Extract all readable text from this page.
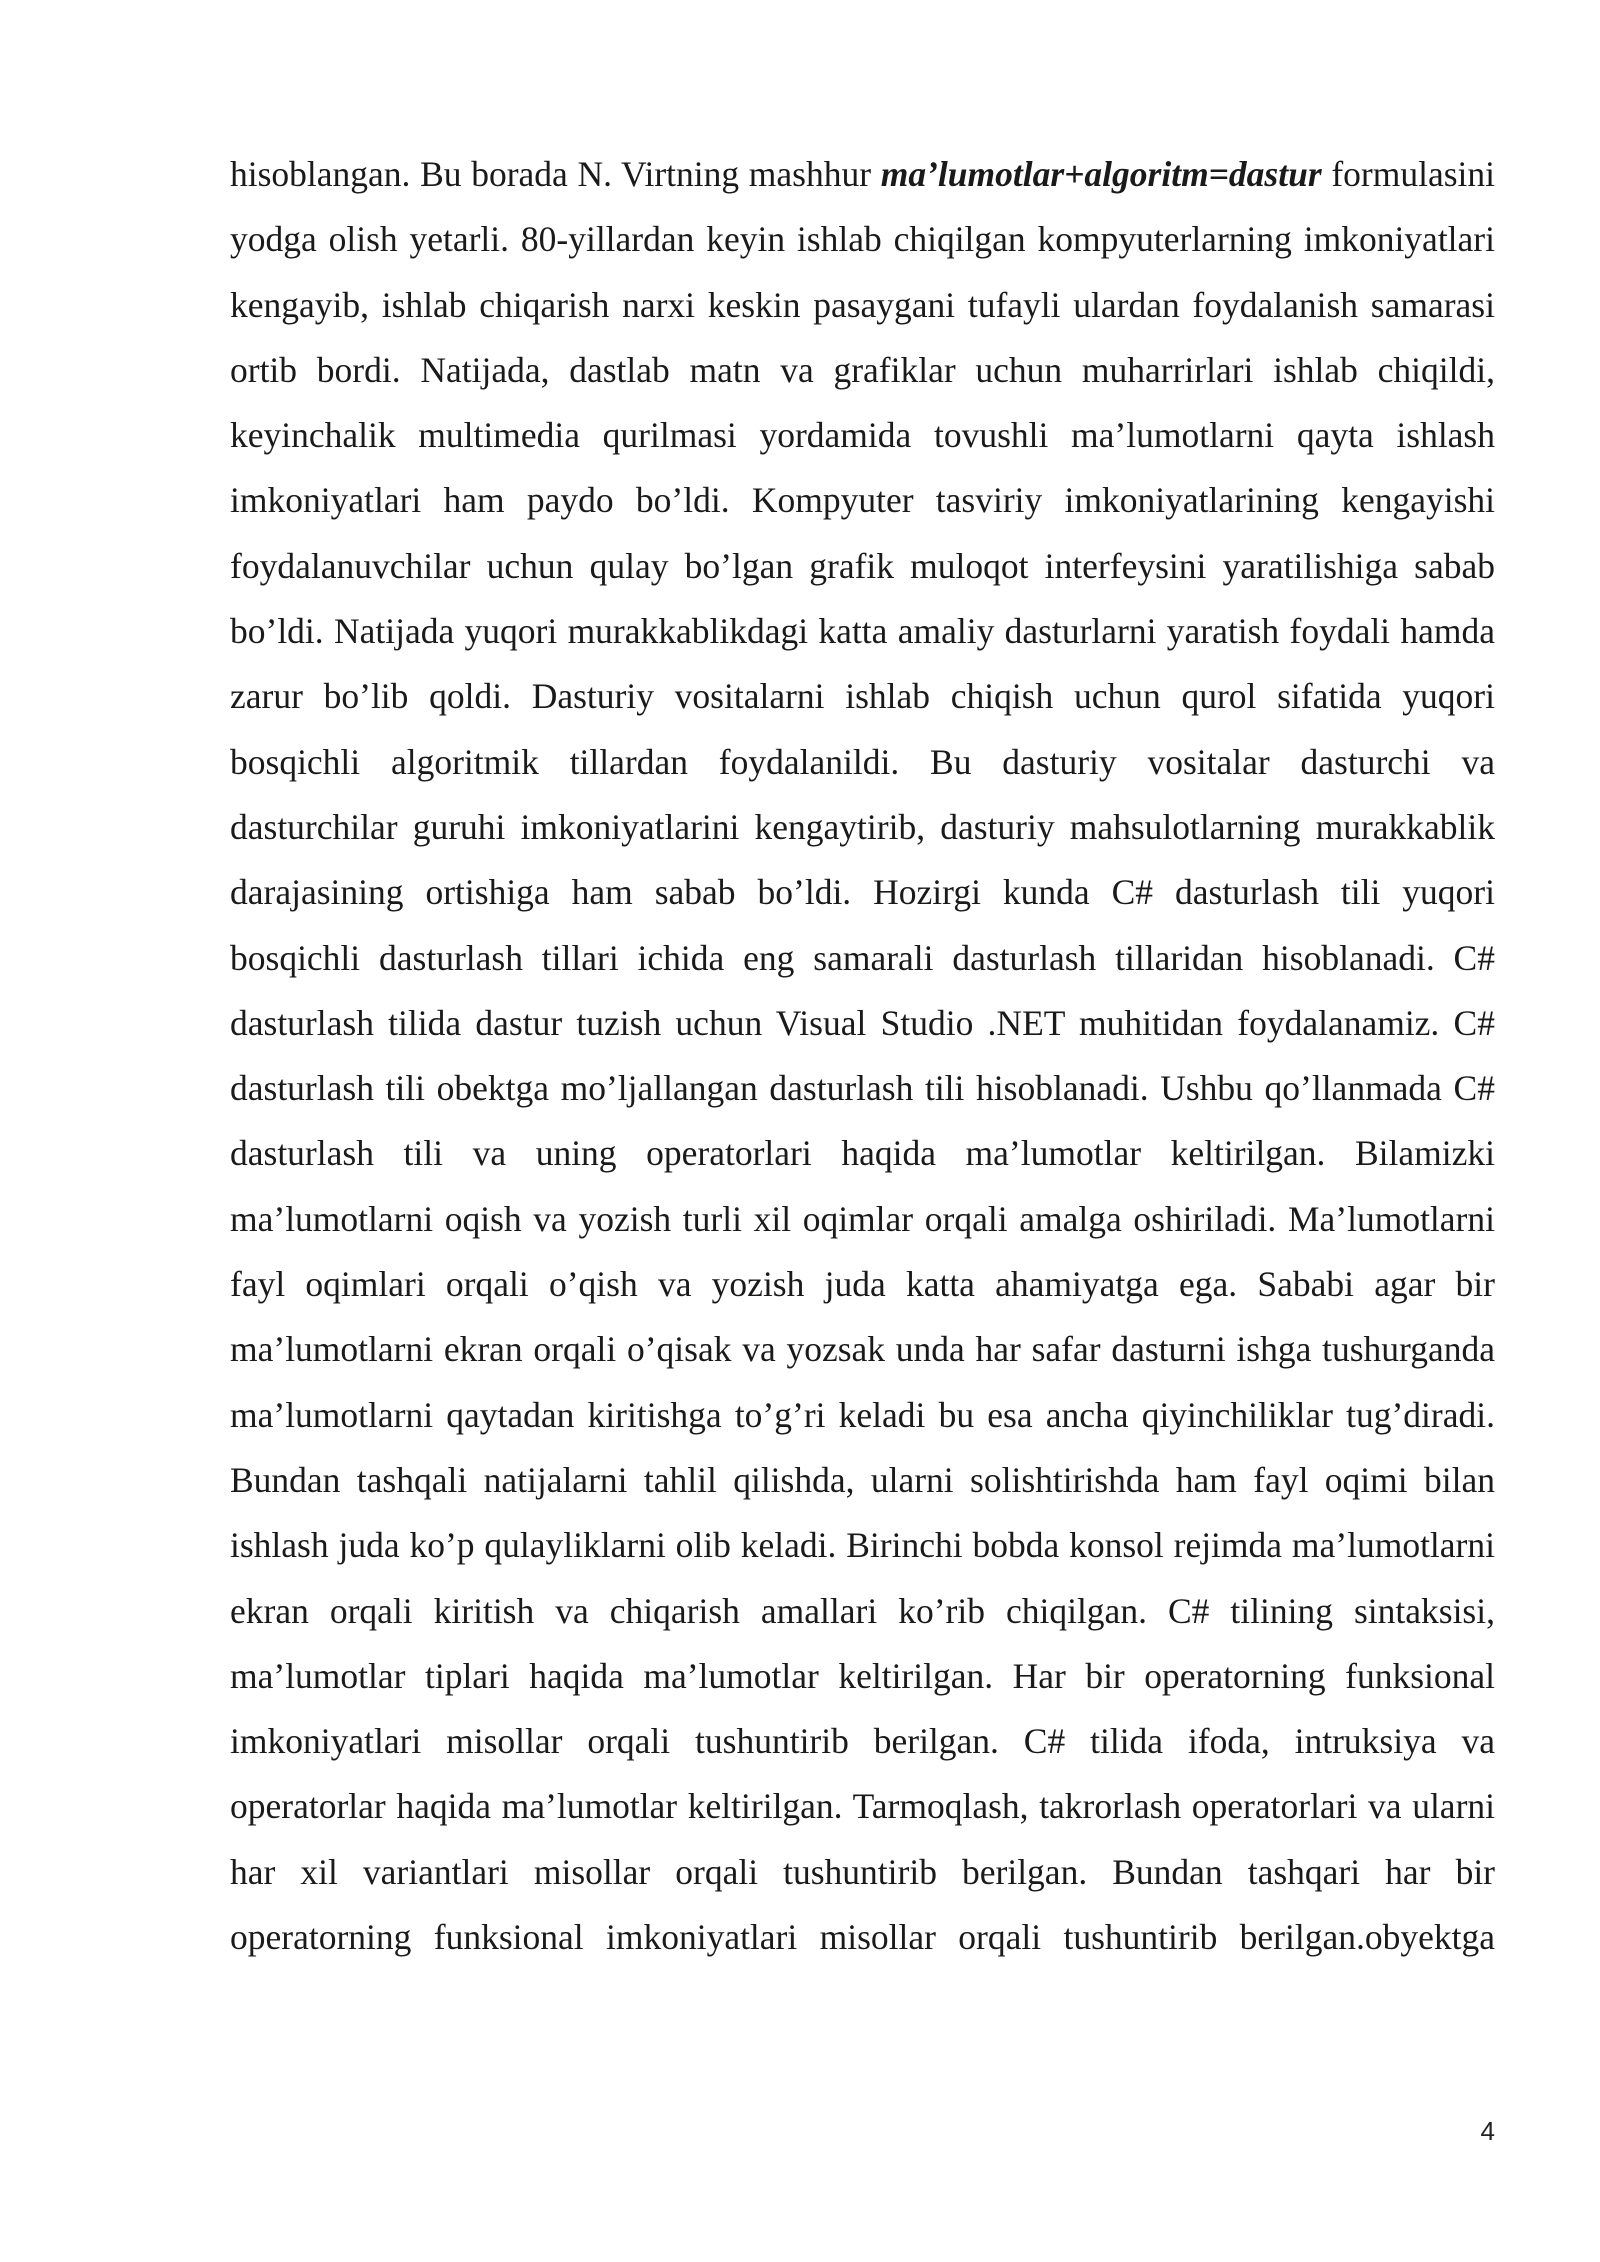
hisoblangan. Bu borada N. Virtning mashhur ma’lumotlar+algoritm=dastur formulasini yodga olish yetarli. 80-yillardan keyin ishlab chiqilgan kompyuterlarning imkoniyatlari kengayib, ishlab chiqarish narxi keskin pasaygani tufayli ulardan foydalanish samarasi ortib bordi. Natijada, dastlab matn va grafiklar uchun muharrirlari ishlab chiqildi, keyinchalik multimedia qurilmasi yordamida tovushli ma’lumotlarni qayta ishlash imkoniyatlari ham paydo bo’ldi. Kompyuter tasviriy imkoniyatlarining kengayishi foydalanuvchilar uchun qulay bo’lgan grafik muloqot interfeysini yaratilishiga sabab bo’ldi. Natijada yuqori murakkablikdagi katta amaliy dasturlarni yaratish foydali hamda zarur bo’lib qoldi. Dasturiy vositalarni ishlab chiqish uchun qurol sifatida yuqori bosqichli algoritmik tillardan foydalanildi. Bu dasturiy vositalar dasturchi va dasturchilar guruhi imkoniyatlarini kengaytirib, dasturiy mahsulotlarning murakkablik darajasining ortishiga ham sabab bo’ldi. Hozirgi kunda C# dasturlash tili yuqori bosqichli dasturlash tillari ichida eng samarali dasturlash tillaridan hisoblanadi. C# dasturlash tilida dastur tuzish uchun Visual Studio .NET muhitidan foydalanamiz. C# dasturlash tili obektga mo’ljallangan dasturlash tili hisoblanadi. Ushbu qo’llanmada C# dasturlash tili va uning operatorlari haqida ma’lumotlar keltirilgan. Bilamizki ma’lumotlarni oqish va yozish turli xil oqimlar orqali amalga oshiriladi. Ma’lumotlarni fayl oqimlari orqali o’qish va yozish juda katta ahamiyatga ega. Sababi agar bir ma’lumotlarni ekran orqali o’qisak va yozsak unda har safar dasturni ishga tushurganda ma’lumotlarni qaytadan kiritishga to’g’ri keladi bu esa ancha qiyinchiliklar tug’diradi. Bundan tashqali natijalarni tahlil qilishda, ularni solishtirishda ham fayl oqimi bilan ishlash juda ko’p qulayliklarni olib keladi. Birinchi bobda konsol rejimda ma’lumotlarni ekran orqali kiritish va chiqarish amallari ko’rib chiqilgan. C# tilining sintaksisi, ma’lumotlar tiplari haqida ma’lumotlar keltirilgan. Har bir operatorning funksional imkoniyatlari misollar orqali tushuntirib berilgan. C# tilida ifoda, intruksiya va operatorlar haqida ma’lumotlar keltirilgan. Tarmoqlash, takrorlash operatorlari va ularni har xil variantlari misollar orqali tushuntirib berilgan. Bundan tashqari har bir operatorning funksional imkoniyatlari misollar orqali tushuntirib berilgan.obyektga

4
